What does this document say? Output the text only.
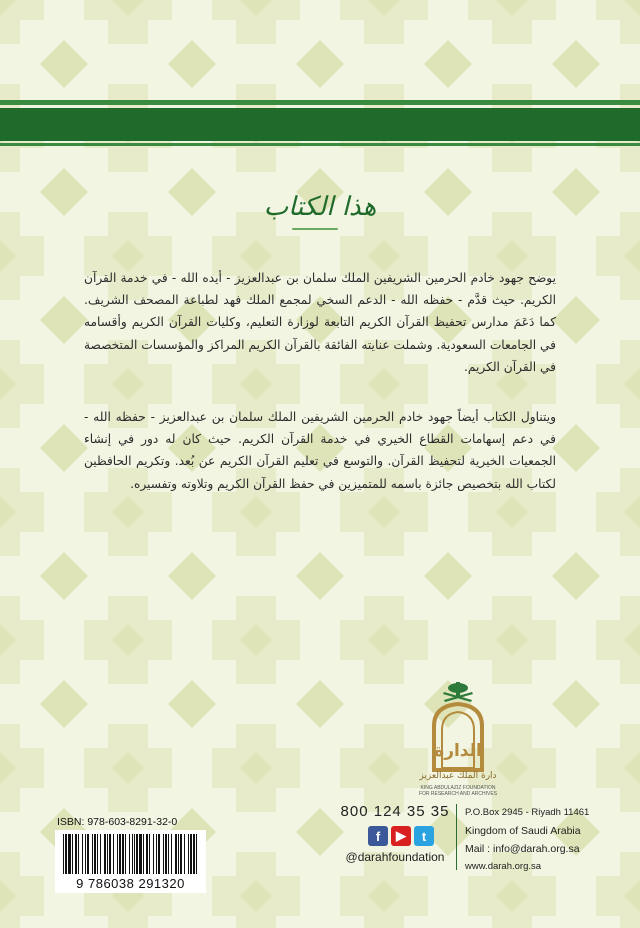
هذا الكتاب
يوضح جهود خادم الحرمين الشريفين الملك سلمان بن عبدالعزيز - أيده الله - في خدمة القرآن الكريم. حيث قدَّم - حفظه الله - الدعم السخي لمجمع الملك فهد لطباعة المصحف الشريف. كما دَعَمَ مدارس تحفيظ القرآن الكريم التابعة لوزارة التعليم، وكليات القرآن الكريم وأقسامه في الجامعات السعودية. وشملت عنايته الفائقة بالقرآن الكريم المراكز والمؤسسات المتخصصة في القرآن الكريم.
ويتناول الكتاب أيضاً جهود خادم الحرمين الشريفين الملك سلمان بن عبدالعزيز - حفظه الله - في دعم إسهامات القطاع الخيري في خدمة القرآن الكريم. حيث كان له دور في إنشاء الجمعيات الخيرية لتحفيظ القرآن. والتوسع في تعليم القرآن الكريم عن بُعد. وتكريم الحافظين لكتاب الله بتخصيص جائزة باسمه للمتميزين في حفظ القرآن الكريم وتلاوته وتفسيره.
الدارة
دارة الملك عبدالعزيز
KING ABDULAZIZ FOUNDATION
FOR RESEARCH AND ARCHIVES
ISBN: 978-603-8291-32-0
9 786038 291320
800 124 35 35
f	▶	t
@darahfoundation
P.O.Box 2945 - Riyadh 11461
Kingdom of Saudi Arabia
Mail : info@darah.org.sa
www.darah.org.sa
